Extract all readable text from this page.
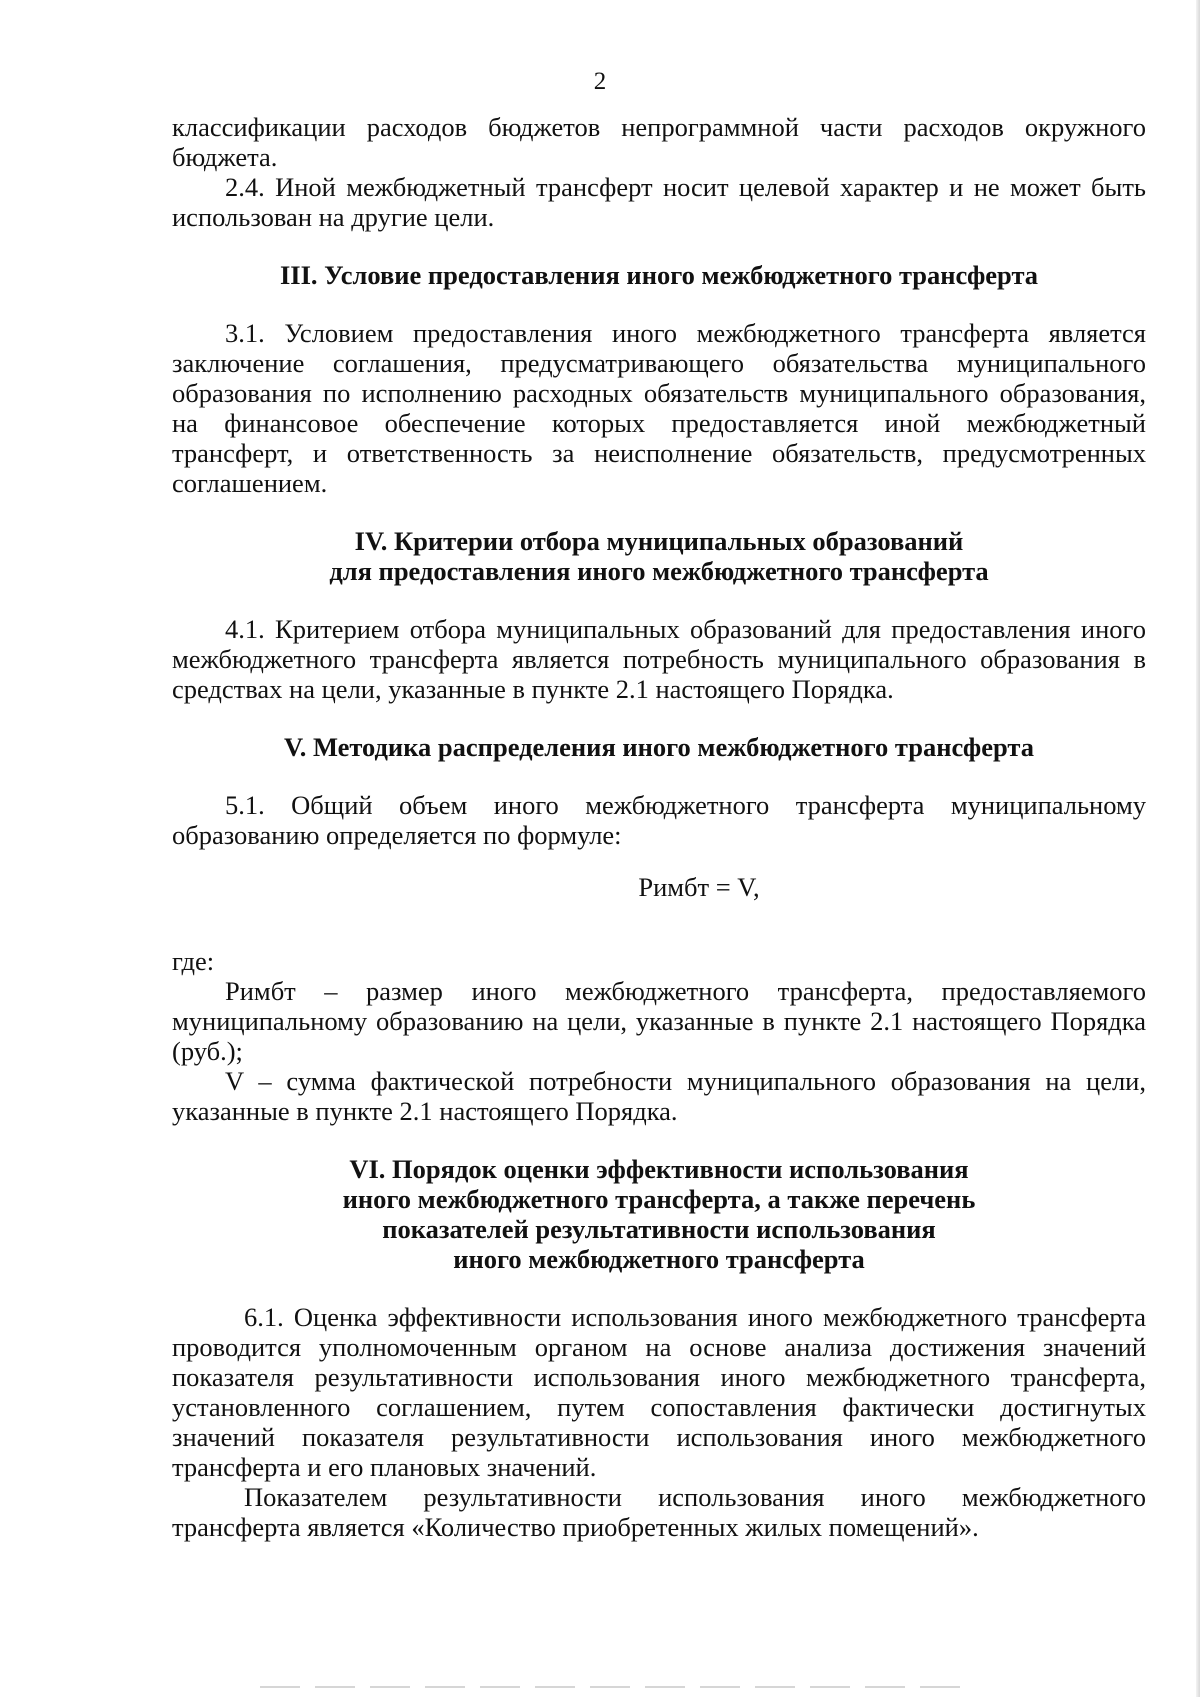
2

классификации расходов бюджетов непрограммной части расходов окружного бюджета.

2.4. Иной межбюджетный трансферт носит целевой характер и не может быть использован на другие цели.

III. Условие предоставления иного межбюджетного трансферта

3.1. Условием предоставления иного межбюджетного трансферта является заключение соглашения, предусматривающего обязательства муниципального образования по исполнению расходных обязательств муниципального образования, на финансовое обеспечение которых предоставляется иной межбюджетный трансферт, и ответственность за неисполнение обязательств, предусмотренных соглашением.

IV. Критерии отбора муниципальных образований

для предоставления иного межбюджетного трансферта

4.1. Критерием отбора муниципальных образований для предоставления иного межбюджетного трансферта является потребность муниципального образования в средствах на цели, указанные в пункте 2.1 настоящего Порядка.

V. Методика распределения иного межбюджетного трансферта

5.1. Общий объем иного межбюджетного трансферта муниципальному образованию определяется по формуле:

Римбт = V,

где:

Римбт – размер иного межбюджетного трансферта, предоставляемого муниципальному образованию на цели, указанные в пункте 2.1 настоящего Порядка (руб.);

V – сумма фактической потребности муниципального образования на цели, указанные в пункте 2.1 настоящего Порядка.

VI. Порядок оценки эффективности использования

иного межбюджетного трансферта, а также перечень

показателей результативности использования

иного межбюджетного трансферта

6.1. Оценка эффективности использования иного межбюджетного трансферта проводится уполномоченным органом на основе анализа достижения значений показателя результативности использования иного межбюджетного трансферта, установленного соглашением, путем сопоставления фактически достигнутых значений показателя результативности использования иного межбюджетного трансферта и его плановых значений.

Показателем результативности использования иного межбюджетного трансферта является «Количество приобретенных жилых помещений».
